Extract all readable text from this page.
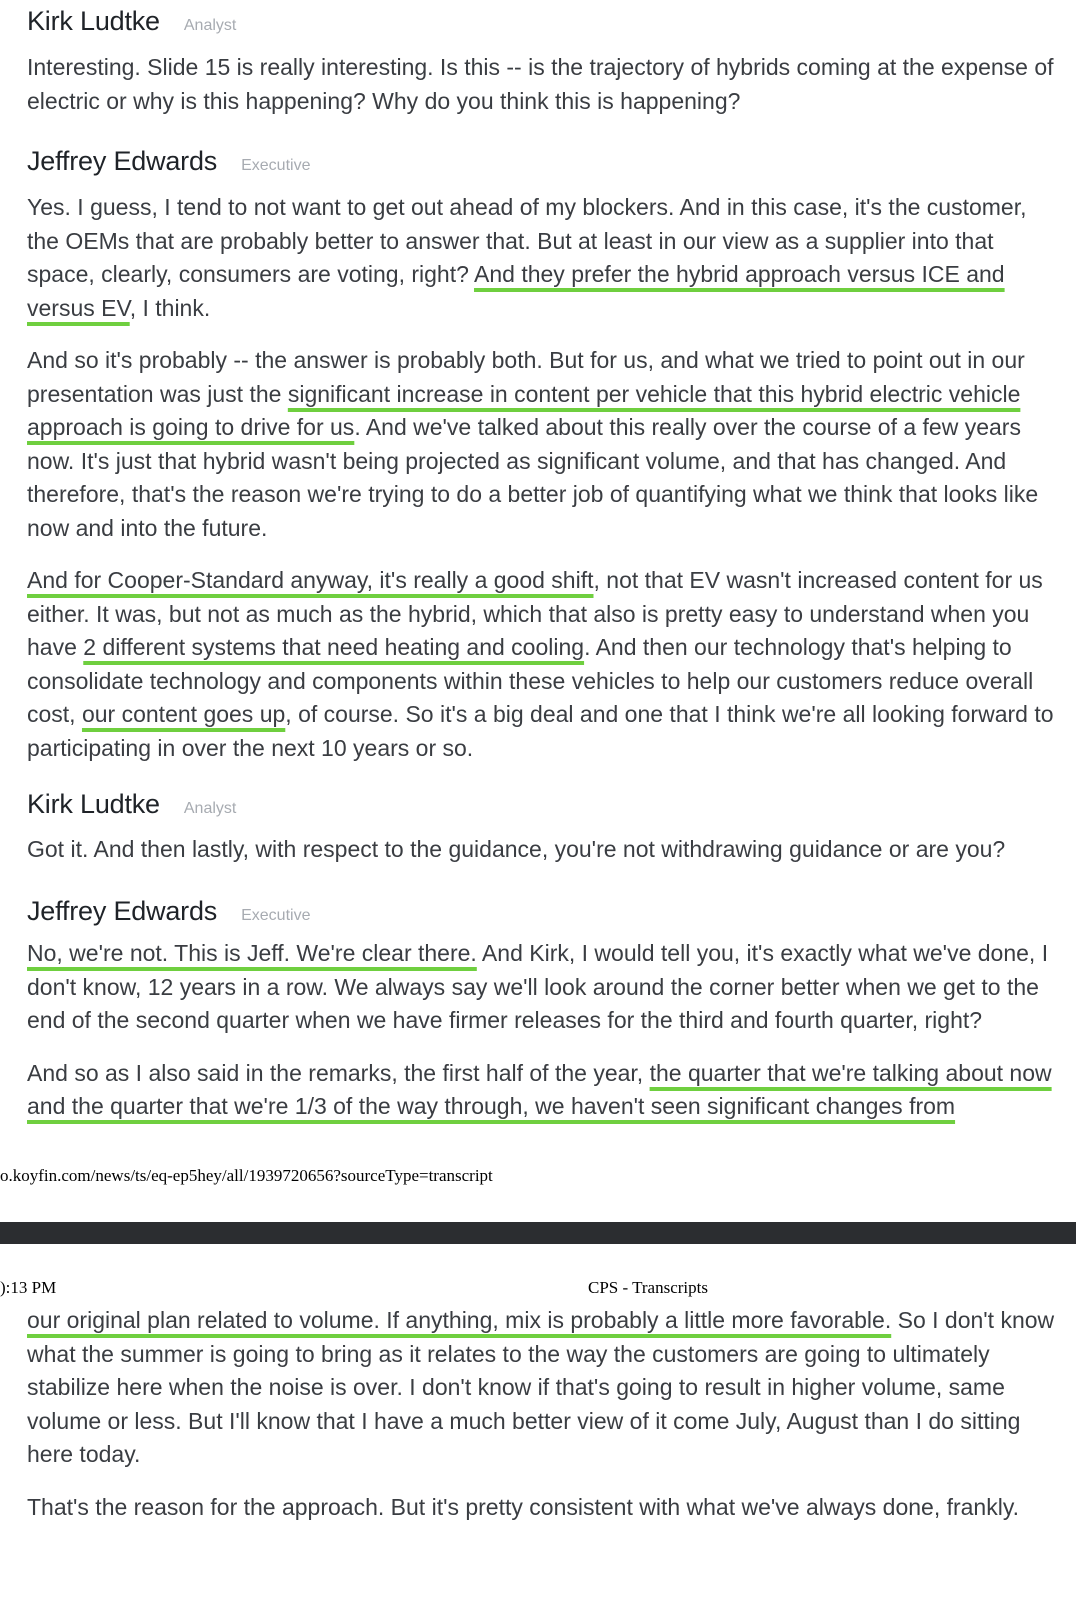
Kirk Ludtke Analyst

Interesting. Slide 15 is really interesting. Is this -- is the trajectory of hybrids coming at the expense of electric or why is this happening? Why do you think this is happening?

Jeffrey Edwards Executive

Yes. I guess, I tend to not want to get out ahead of my blockers. And in this case, it's the customer, the OEMs that are probably better to answer that. But at least in our view as a supplier into that space, clearly, consumers are voting, right? And they prefer the hybrid approach versus ICE and versus EV, I think.

And so it's probably -- the answer is probably both. But for us, and what we tried to point out in our presentation was just the significant increase in content per vehicle that this hybrid electric vehicle approach is going to drive for us. And we've talked about this really over the course of a few years now. It's just that hybrid wasn't being projected as significant volume, and that has changed. And therefore, that's the reason we're trying to do a better job of quantifying what we think that looks like now and into the future.

And for Cooper-Standard anyway, it's really a good shift, not that EV wasn't increased content for us either. It was, but not as much as the hybrid, which that also is pretty easy to understand when you have 2 different systems that need heating and cooling. And then our technology that's helping to consolidate technology and components within these vehicles to help our customers reduce overall cost, our content goes up, of course. So it's a big deal and one that I think we're all looking forward to participating in over the next 10 years or so.

Kirk Ludtke Analyst

Got it. And then lastly, with respect to the guidance, you're not withdrawing guidance or are you?

Jeffrey Edwards Executive

No, we're not. This is Jeff. We're clear there. And Kirk, I would tell you, it's exactly what we've done, I don't know, 12 years in a row. We always say we'll look around the corner better when we get to the end of the second quarter when we have firmer releases for the third and fourth quarter, right?

And so as I also said in the remarks, the first half of the year, the quarter that we're talking about now and the quarter that we're 1/3 of the way through, we haven't seen significant changes from

o.koyfin.com/news/ts/eq-ep5hey/all/1939720656?sourceType=transcript
):13 PM	CPS - Transcripts

our original plan related to volume. If anything, mix is probably a little more favorable. So I don't know what the summer is going to bring as it relates to the way the customers are going to ultimately stabilize here when the noise is over. I don't know if that's going to result in higher volume, same volume or less. But I'll know that I have a much better view of it come July, August than I do sitting here today.

That's the reason for the approach. But it's pretty consistent with what we've always done, frankly.
